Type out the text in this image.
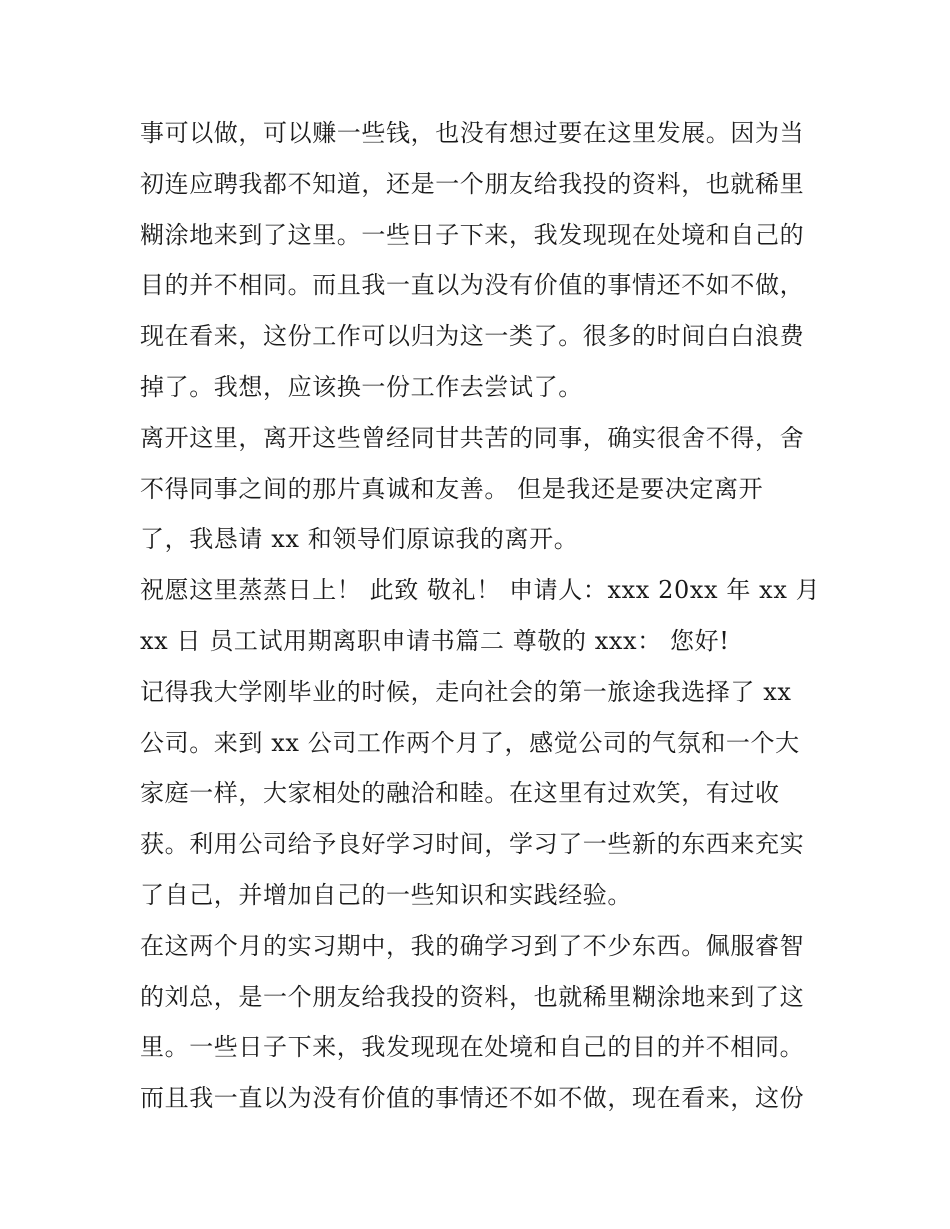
事可以做，可以赚一些钱，也没有想过要在这里发展。因为当
初连应聘我都不知道，还是一个朋友给我投的资料，也就稀里
糊涂地来到了这里。一些日子下来，我发现现在处境和自己的
目的并不相同。而且我一直以为没有价值的事情还不如不做，
现在看来，这份工作可以归为这一类了。很多的时间白白浪费
掉了。我想，应该换一份工作去尝试了。
离开这里，离开这些曾经同甘共苦的同事，确实很舍不得，舍
不得同事之间的那片真诚和友善。 但是我还是要决定离开
了，我恳请 xx 和领导们原谅我的离开。
祝愿这里蒸蒸日上！ 此致 敬礼！ 申请人：xxx 20xx 年 xx 月
xx 日 员工试用期离职申请书篇二 尊敬的 xxx： 您好!
记得我大学刚毕业的时候，走向社会的第一旅途我选择了 xx
公司。来到 xx 公司工作两个月了，感觉公司的气氛和一个大
家庭一样，大家相处的融洽和睦。在这里有过欢笑，有过收
获。利用公司给予良好学习时间，学习了一些新的东西来充实
了自己，并增加自己的一些知识和实践经验。
在这两个月的实习期中，我的确学习到了不少东西。佩服睿智
的刘总，是一个朋友给我投的资料，也就稀里糊涂地来到了这
里。一些日子下来，我发现现在处境和自己的目的并不相同。
而且我一直以为没有价值的事情还不如不做，现在看来，这份
